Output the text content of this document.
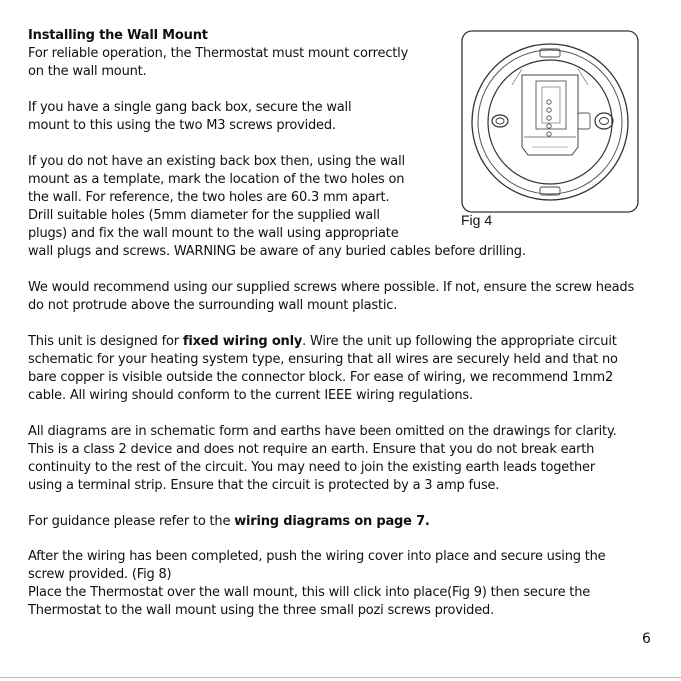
Installing the Wall Mount
For reliable operation, the Thermostat must mount correctly
on the wall mount.
If you have a single gang back box, secure the wall
mount to this using the two M3 screws provided.
If you do not have an existing back box then, using the wall
mount as a template, mark the location of the two holes on
the wall. For reference, the two holes are 60.3 mm apart.
Drill suitable holes (5mm diameter for the supplied wall
plugs) and fix the wall mount to the wall using appropriate
wall plugs and screws. WARNING be aware of any buried cables before drilling.
We would recommend using our supplied screws where possible. If not, ensure the screw heads
do not protrude above the surrounding wall mount plastic.
This unit is designed for fixed wiring only. Wire the unit up following the appropriate circuit
schematic for your heating system type, ensuring that all wires are securely held and that no
bare copper is visible outside the connector block. For ease of wiring, we recommend 1mm2
cable. All wiring should conform to the current IEEE wiring regulations.
All diagrams are in schematic form and earths have been omitted on the drawings for clarity.
This is a class 2 device and does not require an earth. Ensure that you do not break earth
continuity to the rest of the circuit. You may need to join the existing earth leads together
using a terminal strip. Ensure that the circuit is protected by a 3 amp fuse.
For guidance please refer to the wiring diagrams on page 7.
After the wiring has been completed, push the wiring cover into place and secure using the
screw provided. (Fig 8)
Place the Thermostat over the wall mount, this will click into place(Fig 9) then secure the
Thermostat to the wall mount using the three small pozi screws provided.
Fig 4
6
